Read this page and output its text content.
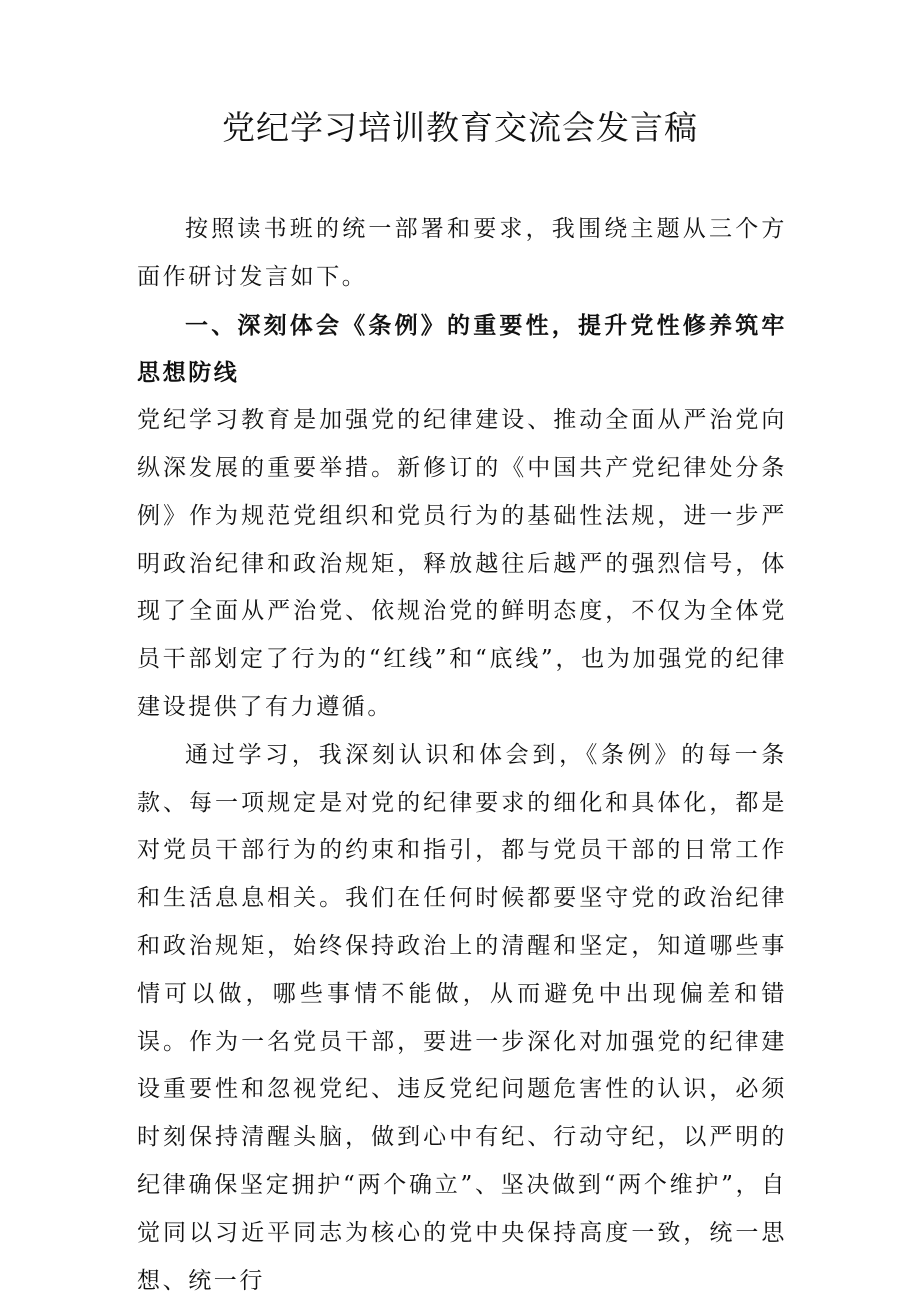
党纪学习培训教育交流会发言稿

按照读书班的统一部署和要求，我围绕主题从三个方面作研讨发言如下。

一、深刻体会《条例》的重要性，提升党性修养筑牢思想防线

党纪学习教育是加强党的纪律建设、推动全面从严治党向纵深发展的重要举措。新修订的《中国共产党纪律处分条例》作为规范党组织和党员行为的基础性法规，进一步严明政治纪律和政治规矩，释放越往后越严的强烈信号，体现了全面从严治党、依规治党的鲜明态度，不仅为全体党员干部划定了行为的“红线”和“底线”，也为加强党的纪律建设提供了有力遵循。

通过学习，我深刻认识和体会到，《条例》的每一条款、每一项规定是对党的纪律要求的细化和具体化，都是对党员干部行为的约束和指引，都与党员干部的日常工作和生活息息相关。我们在任何时候都要坚守党的政治纪律和政治规矩，始终保持政治上的清醒和坚定，知道哪些事情可以做，哪些事情不能做，从而避免中出现偏差和错误。作为一名党员干部，要进一步深化对加强党的纪律建设重要性和忽视党纪、违反党纪问题危害性的认识，必须时刻保持清醒头脑，做到心中有纪、行动守纪，以严明的纪律确保坚定拥护“两个确立”、坚决做到“两个维护”，自觉同以习近平同志为核心的党中央保持高度一致，统一思想、统一行
